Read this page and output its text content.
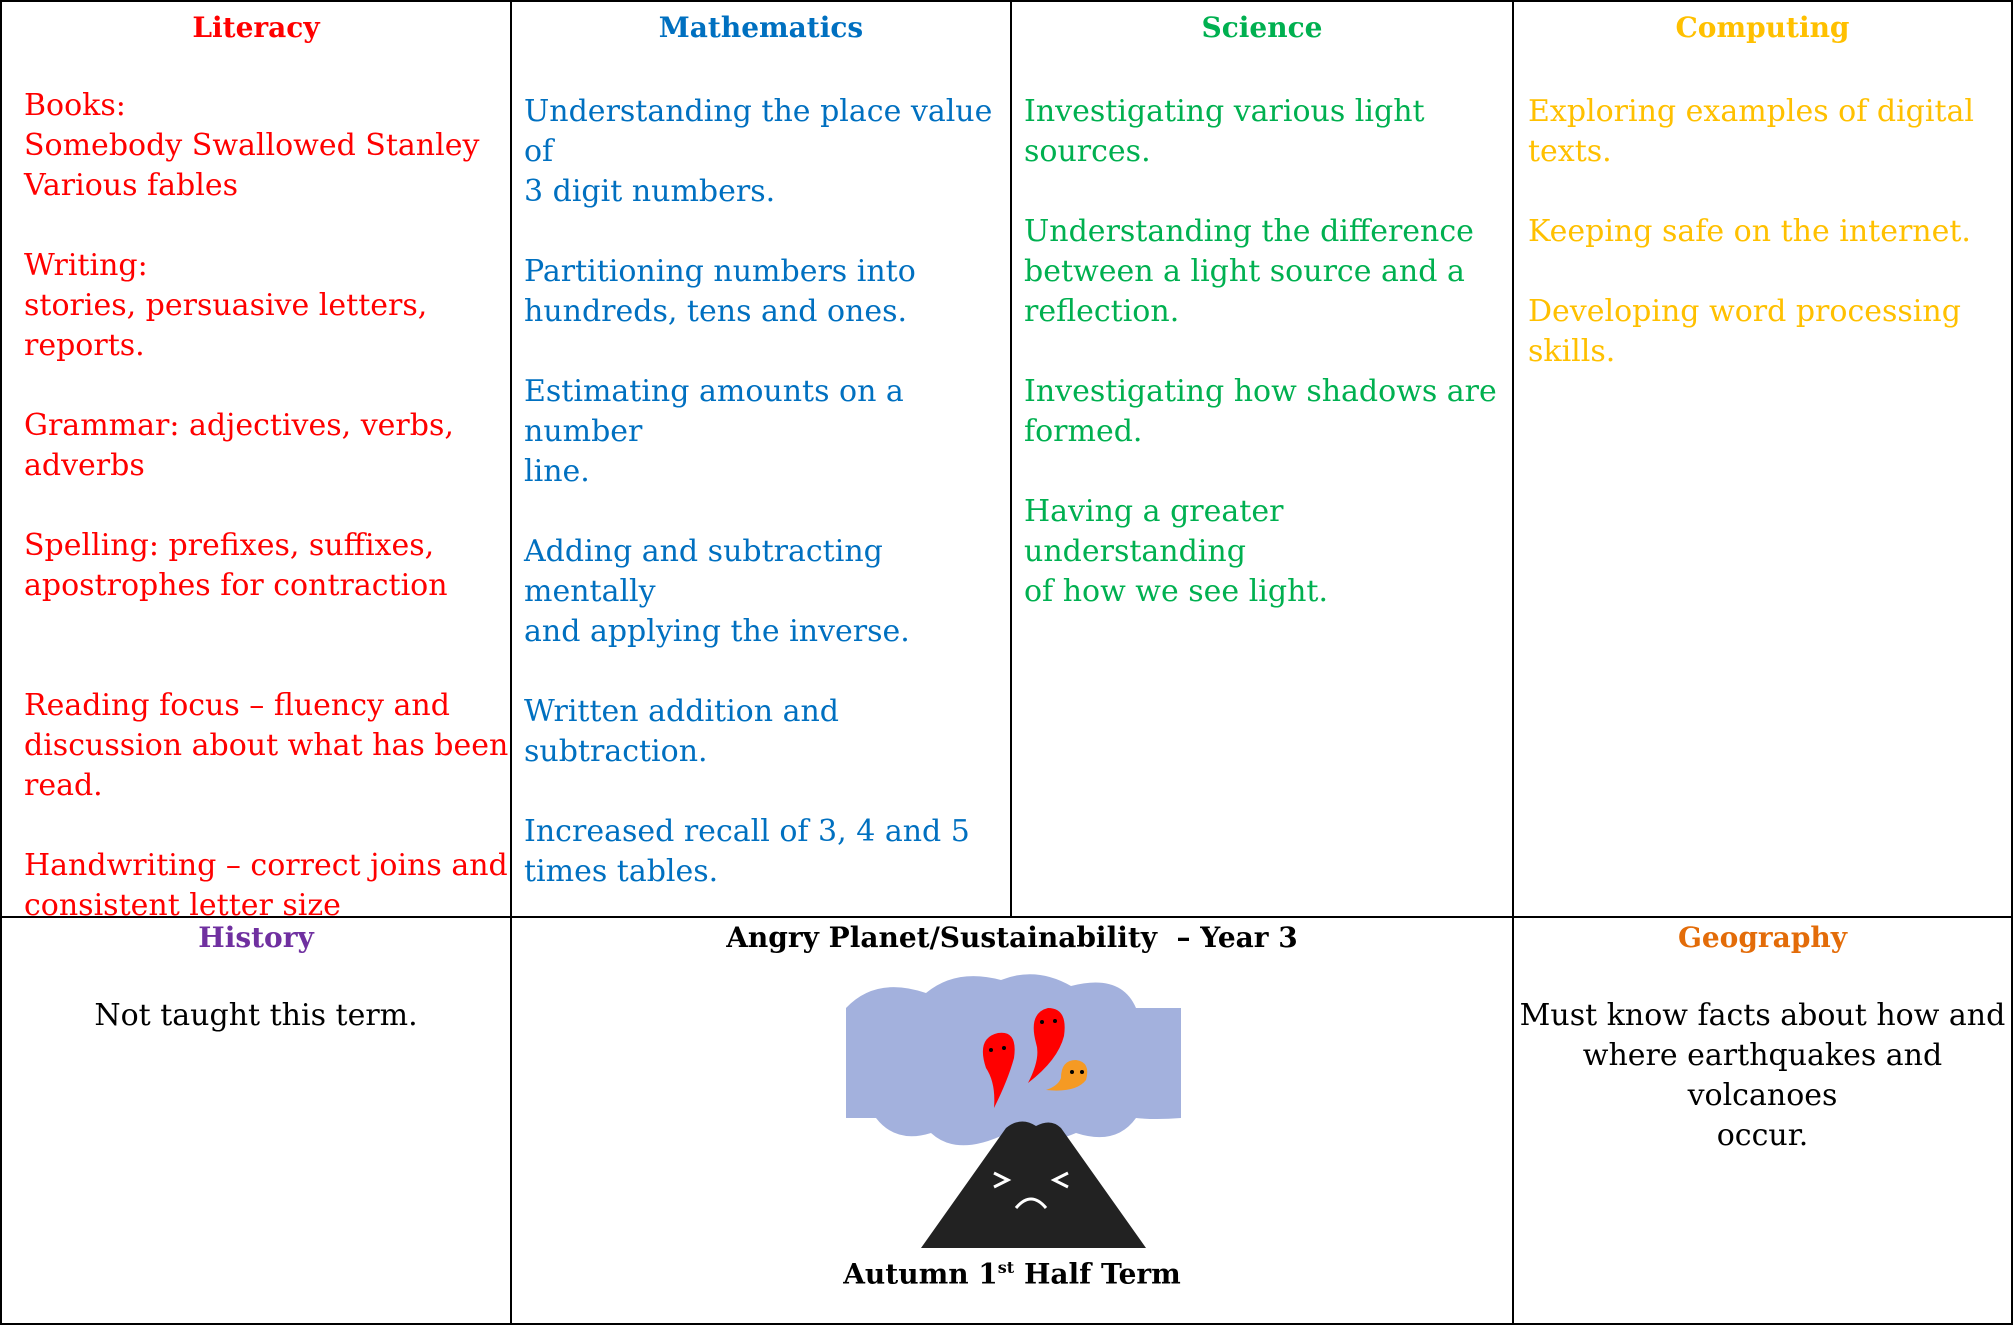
Literacy

Books:
Somebody Swallowed Stanley
Various fables

Writing:
stories, persuasive letters, reports.

Grammar: adjectives, verbs,
adverbs

Spelling: prefixes, suffixes,
apostrophes for contraction

Reading focus – fluency and
discussion about what has been
read.

Handwriting – correct joins and
consistent letter size

Mathematics

Understanding the place value of
3 digit numbers.

Partitioning numbers into
hundreds, tens and ones.

Estimating amounts on a number
line.

Adding and subtracting mentally
and applying the inverse.

Written addition and subtraction.

Increased recall of 3, 4 and 5
times tables.

Science

Investigating various light
sources.

Understanding the difference
between a light source and a
reflection.

Investigating how shadows are
formed.

Having a greater understanding
of how we see light.

Computing

Exploring examples of digital
texts.

Keeping safe on the internet.

Developing word processing
skills.

History
Not taught this term.
Angry Planet/Sustainability  – Year 3
Autumn 1st Half Term
Geography
Must know facts about how and
where earthquakes and volcanoes
occur.
